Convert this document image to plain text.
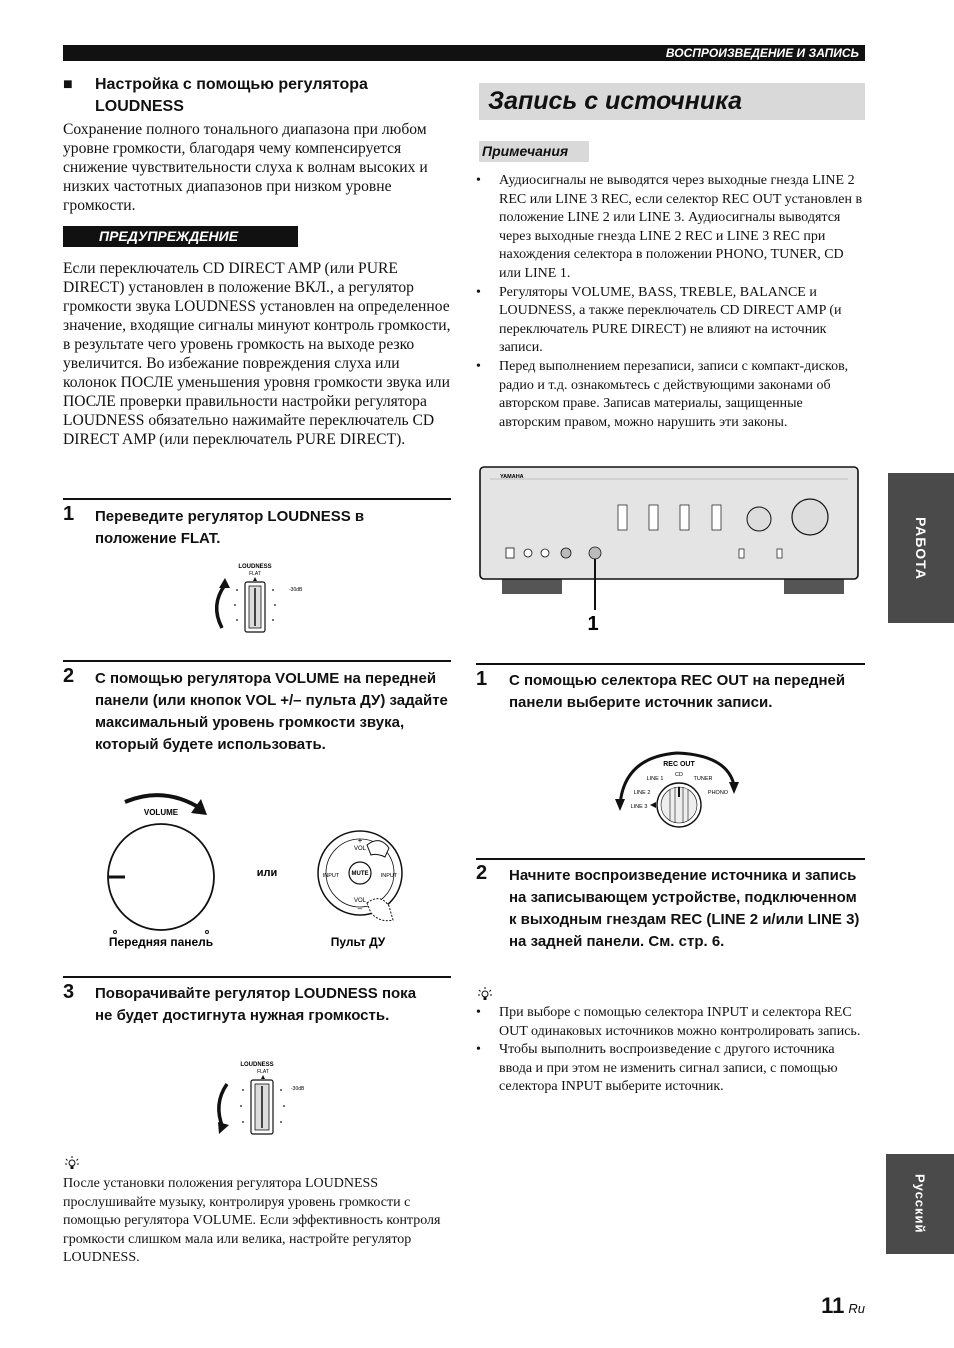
ВОСПРОИЗВЕДЕНИЕ И ЗАПИСЬ
■	Настройка с помощью регулятора LOUDNESS
Сохранение полного тонального диапазона при любом уровне громкости, благодаря чему компенсируется снижение чувствительности слуха к волнам высоких и низких частотных диапазонов при низком уровне громкости.
ПРЕДУПРЕЖДЕНИЕ
Если переключатель CD DIRECT AMP (или PURE DIRECT) установлен в положение ВКЛ., а регулятор громкости звука LOUDNESS установлен на определенное значение, входящие сигналы минуют контроль громкости, в результате чего уровень громкость на выходе резко увеличится. Во избежание повреждения слуха или колонок ПОСЛЕ уменьшения уровня громкости звука или ПОСЛЕ проверки правильности настройки регулятора LOUDNESS обязательно нажимайте переключатель CD DIRECT AMP (или переключатель PURE DIRECT).
1 Переведите регулятор LOUDNESS в положение FLAT.
LOUDNESS
FLAT
-30dB
2 С помощью регулятора VOLUME на передней панели (или кнопок VOL +/– пульта ДУ) задайте максимальный уровень громкости звука, который будете использовать.
VOLUME
или
Передняя панель	Пульт ДУ
MUTE
VOL
VOL
INPUT	INPUT
+
–
3 Поворачивайте регулятор LOUDNESS пока не будет достигнута нужная громкость.
LOUDNESS
FLAT
-30dB
После установки положения регулятора LOUDNESS прослушивайте музыку, контролируя уровень громкости с помощью регулятора VOLUME. Если эффективность контроля громкости слишком мала или велика, настройте регулятор LOUDNESS.
Запись с источника
Примечания
• Аудиосигналы не выводятся через выходные гнезда LINE 2 REC или LINE 3 REC, если селектор REC OUT установлен в положение LINE 2 или LINE 3. Аудиосигналы выводятся через выходные гнезда LINE 2 REC и LINE 3 REC при нахождения селектора в положении PHONO, TUNER, CD или LINE 1.
• Регуляторы VOLUME, BASS, TREBLE, BALANCE и LOUDNESS, а также переключатель CD DIRECT AMP (и переключатель PURE DIRECT) не влияют на источник записи.
• Перед выполнением перезаписи, записи с компакт-дисков, радио и т.д. ознакомьтесь с действующими законами об авторском праве. Записав материалы, защищенные авторским правом, можно нарушить эти законы.
YAMAHA
1
1 С помощью селектора REC OUT на передней панели выберите источник записи.
REC OUT
CD
LINE 1	TUNER
LINE 2	PHONO
LINE 3
2 Начните воспроизведение источника и запись на записывающем устройстве, подключенном к выходным гнездам REC (LINE 2 и/или LINE 3) на задней панели. См. стр. 6.
• При выборе с помощью селектора INPUT и селектора REC OUT одинаковых источников можно контролировать запись.
• Чтобы выполнить воспроизведение с другого источника ввода и при этом не изменить сигнал записи, с помощью селектора INPUT выберите источник.
РАБОТА
Русский
11 Ru
